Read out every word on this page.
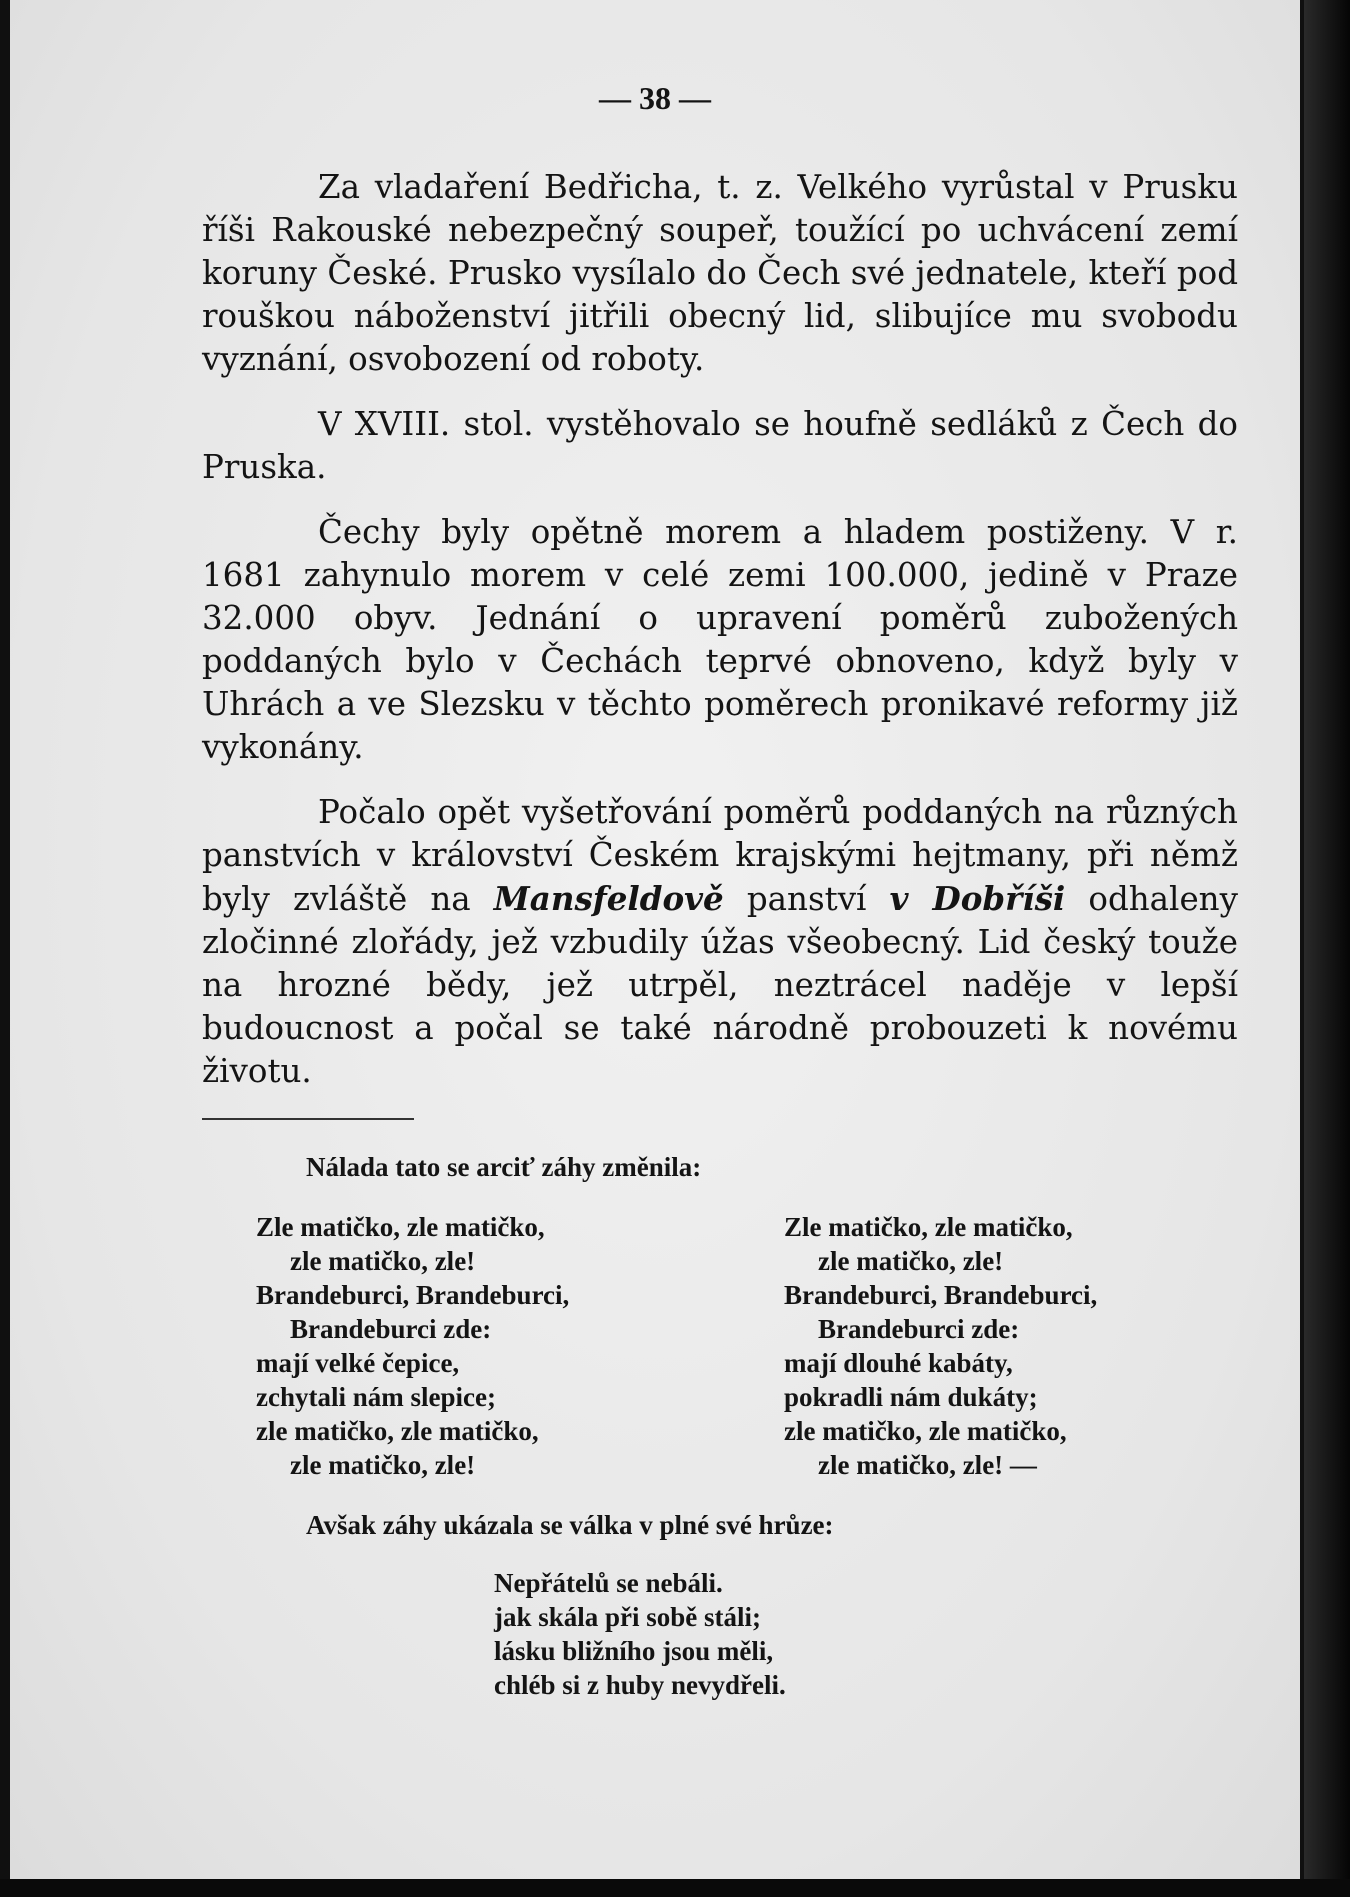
— 38 —

Za vladaření Bedřicha, t. z. Velkého vyrůstal v Prusku říši Rakouské nebezpečný soupeř, toužící po uchvácení zemí koruny České. Prusko vysílalo do Čech své jednatele, kteří pod rouškou náboženství jitřili obecný lid, slibujíce mu svobodu vyznání, osvobození od roboty.

V XVIII. stol. vystěhovalo se houfně sedláků z Čech do Pruska.

Čechy byly opětně morem a hladem postiženy. V r. 1681 zahynulo morem v celé zemi 100.000, jedině v Praze 32.000 obyv. Jednání o upravení poměrů zubožených poddaných bylo v Čechách teprvé obnoveno, když byly v Uhrách a ve Slezsku v těchto poměrech pronikavé reformy již vykonány.

Počalo opět vyšetřování poměrů poddaných na různých panstvích v království Českém krajskými hejtmany, při němž byly zvláště na Mansfeldově panství v Dobříši odhaleny zločinné zlořády, jež vzbudily úžas všeobecný. Lid český touže na hrozné bědy, jež utrpěl, neztrácel naděje v lepší budoucnost a počal se také národně probouzeti k novému životu.

Nálada tato se arciť záhy změnila:
Zle matičko, zle matičko,
zle matičko, zle!
Brandeburci, Brandeburci,
Brandeburci zde:
mají velké čepice,
zchytali nám slepice;
zle matičko, zle matičko,
zle matičko, zle!
Zle matičko, zle matičko,
zle matičko, zle!
Brandeburci, Brandeburci,
Brandeburci zde:
mají dlouhé kabáty,
pokradli nám dukáty;
zle matičko, zle matičko,
zle matičko, zle! —
Avšak záhy ukázala se válka v plné své hrůze:
Nepřátelů se nebáli.
jak skála při sobě stáli;
lásku bližního jsou měli,
chléb si z huby nevydřeli.
